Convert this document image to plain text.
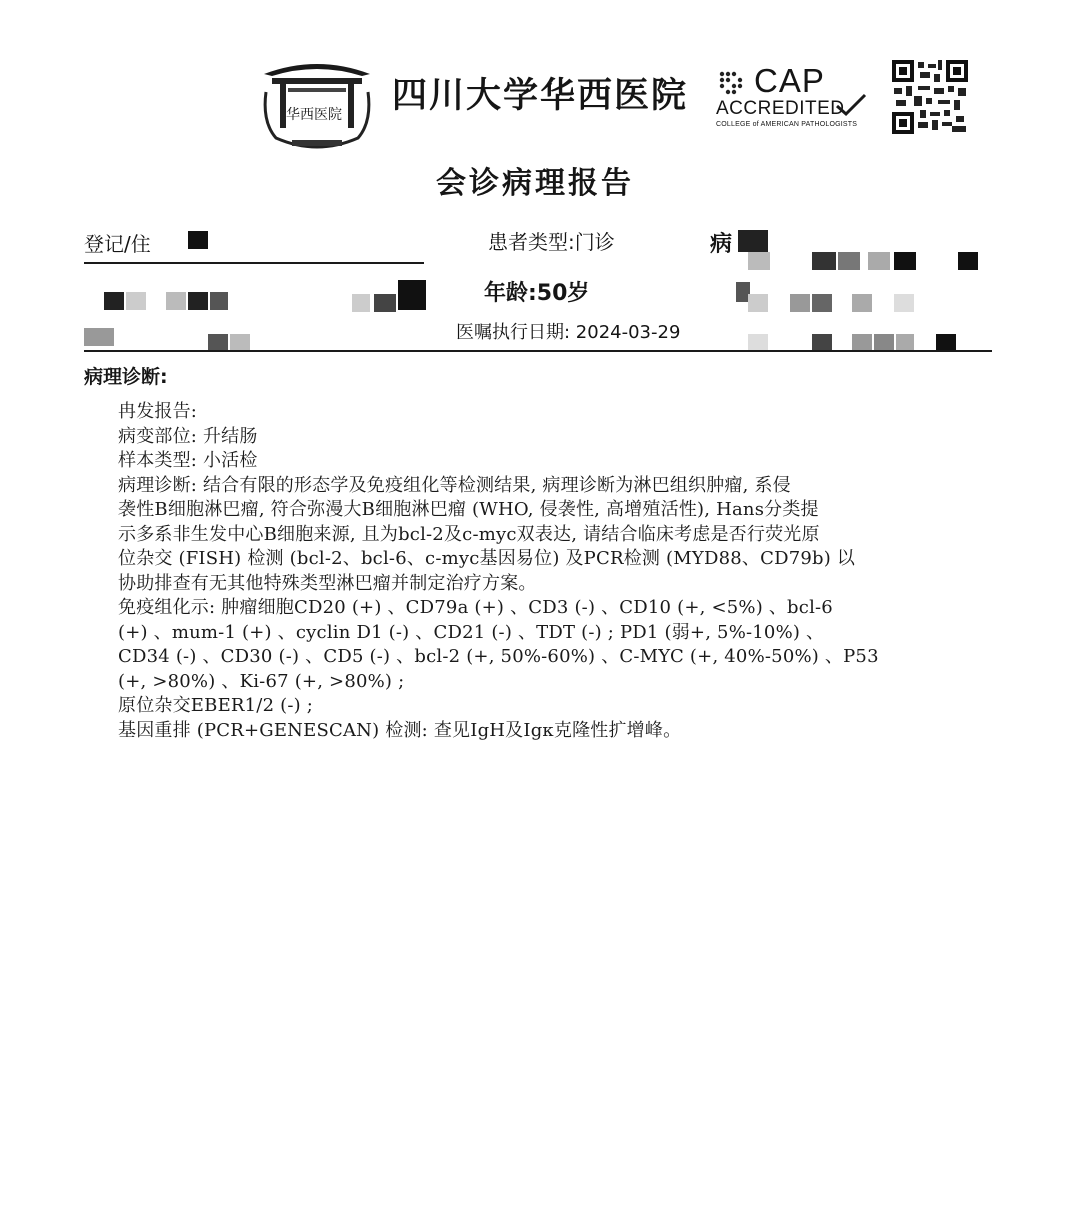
华西医院 四川大学华西医院 CAP
ACCREDITED
COLLEGE of AMERICAN PATHOLOGISTS
会诊病理报告
登记/住	患者类型:门诊	病
年龄:50岁
医嘱执行日期: 2024-03-29
病理诊断:
冉发报告:
病变部位: 升结肠
样本类型: 小活检
病理诊断: 结合有限的形态学及免疫组化等检测结果, 病理诊断为淋巴组织肿瘤, 系侵
袭性B细胞淋巴瘤, 符合弥漫大B细胞淋巴瘤 (WHO, 侵袭性, 高增殖活性), Hans分类提
示多系非生发中心B细胞来源, 且为bcl-2及c-myc双表达, 请结合临床考虑是否行荧光原
位杂交 (FISH) 检测 (bcl-2、bcl-6、c-myc基因易位) 及PCR检测 (MYD88、CD79b) 以
协助排查有无其他特殊类型淋巴瘤并制定治疗方案。
免疫组化示: 肿瘤细胞CD20 (+) 、CD79a (+) 、CD3 (-) 、CD10 (+, <5%) 、bcl-6
(+) 、mum-1 (+) 、cyclin D1 (-) 、CD21 (-) 、TDT (-) ; PD1 (弱+, 5%-10%) 、
CD34 (-) 、CD30 (-) 、CD5 (-) 、bcl-2 (+, 50%-60%) 、C-MYC (+, 40%-50%) 、P53
(+, >80%) 、Ki-67 (+, >80%) ;
原位杂交EBER1/2 (-) ;
基因重排 (PCR+GENESCAN) 检测: 查见IgH及Igκ克隆性扩增峰。
